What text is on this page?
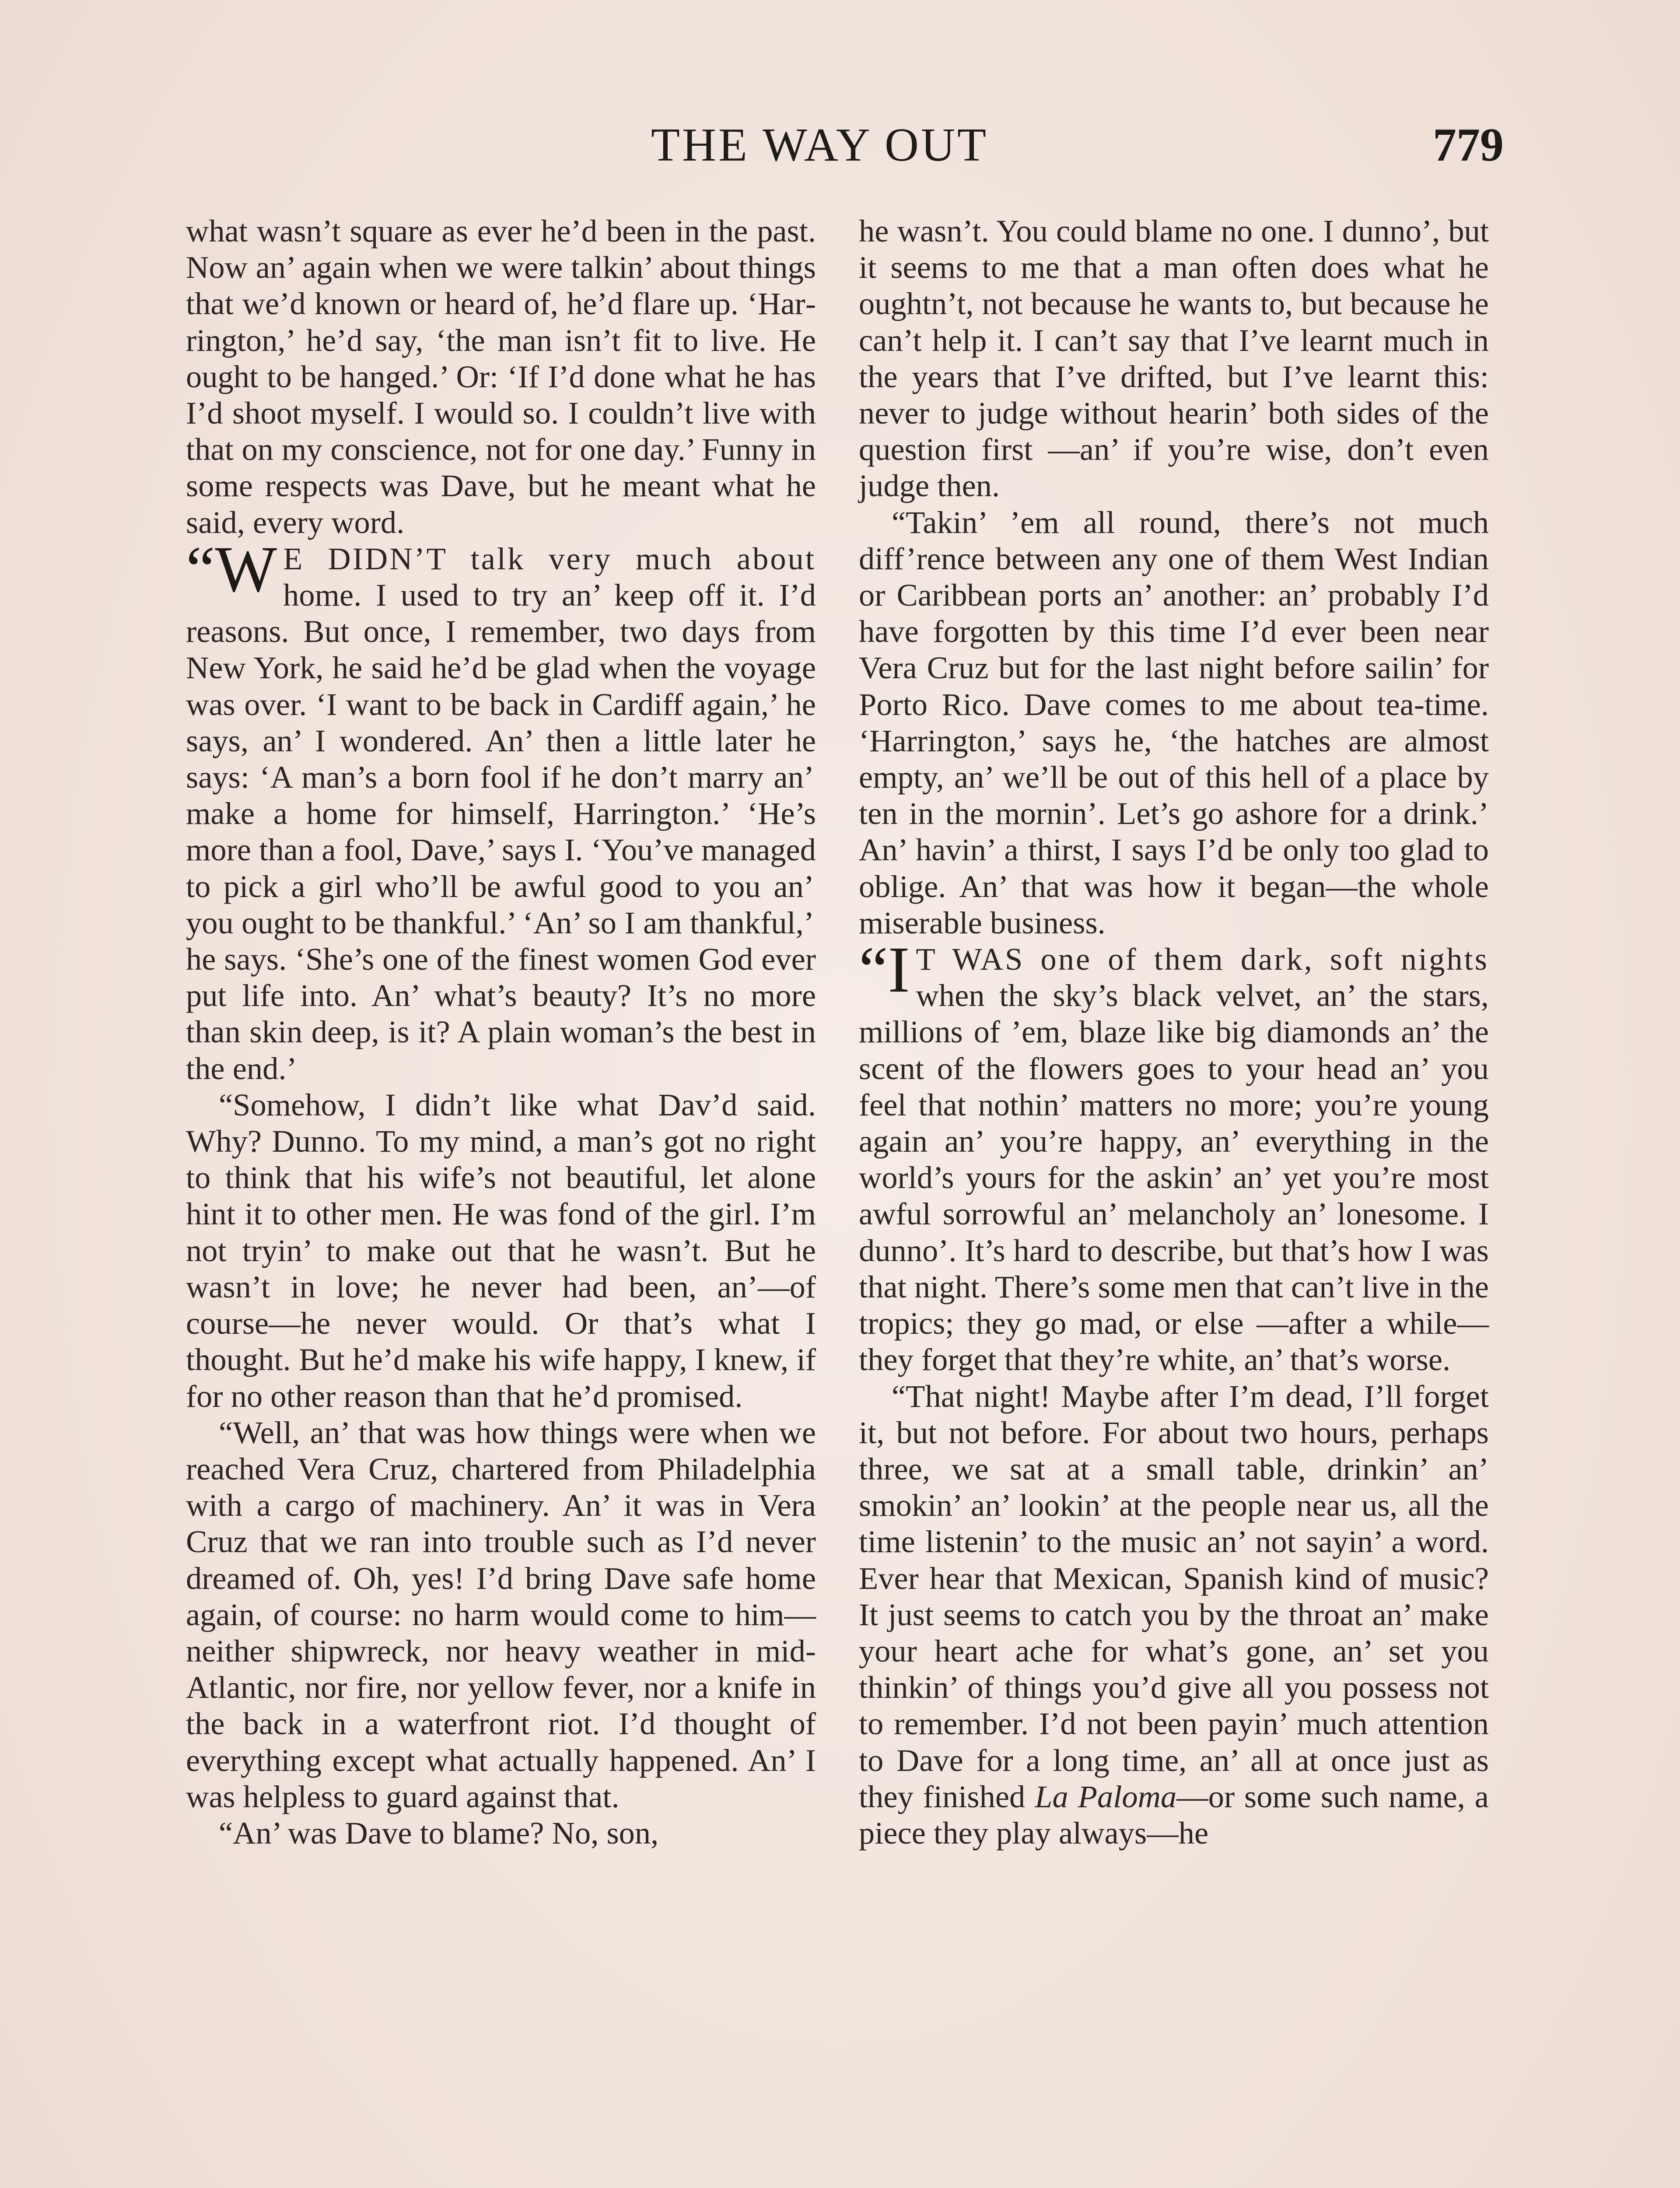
THE WAY OUT	779

what wasn’t square as ever he’d been in the past. Now an’ again when we were talkin’ about things that we’d known or heard of, he’d flare up. ‘Harrington,’ he’d say, ‘the man isn’t fit to live. He ought to be hanged.’ Or: ‘If I’d done what he has I’d shoot myself. I would so. I couldn’t live with that on my conscience, not for one day.’ Funny in some respects was Dave, but he meant what he said, every word.

“W E DIDN’T talk very much about home. I used to try an’ keep off it. I’d reasons. But once, I remember, two days from New York, he said he’d be glad when the voyage was over. ‘I want to be back in Cardiff again,’ he says, an’ I wondered. An’ then a little later he says: ‘A man’s a born fool if he don’t marry an’ make a home for himself, Harrington.’ ‘He’s more than a fool, Dave,’ says I. ‘You’ve managed to pick a girl who’ll be awful good to you an’ you ought to be thankful.’ ‘An’ so I am thankful,’ he says. ‘She’s one of the finest women God ever put life into. An’ what’s beauty? It’s no more than skin deep, is it? A plain woman’s the best in the end.’

“Somehow, I didn’t like what Dav’d said. Why? Dunno. To my mind, a man’s got no right to think that his wife’s not beautiful, let alone hint it to other men. He was fond of the girl. I’m not tryin’ to make out that he wasn’t. But he wasn’t in love; he never had been, an’—of course—he never would. Or that’s what I thought. But he’d make his wife happy, I knew, if for no other reason than that he’d promised.

“Well, an’ that was how things were when we reached Vera Cruz, chartered from Philadelphia with a cargo of machinery. An’ it was in Vera Cruz that we ran into trouble such as I’d never dreamed of. Oh, yes! I’d bring Dave safe home again, of course: no harm would come to him—neither shipwreck, nor heavy weather in mid-Atlantic, nor fire, nor yellow fever, nor a knife in the back in a waterfront riot. I’d thought of everything except what actually happened. An’ I was helpless to guard against that.

“An’ was Dave to blame? No, son,

he wasn’t. You could blame no one. I dunno’, but it seems to me that a man often does what he oughtn’t, not because he wants to, but because he can’t help it. I can’t say that I’ve learnt much in the years that I’ve drifted, but I’ve learnt this: never to judge without hearin’ both sides of the question first —an’ if you’re wise, don’t even judge then.

“Takin’ ’em all round, there’s not much diff’rence between any one of them West Indian or Caribbean ports an’ another: an’ probably I’d have forgotten by this time I’d ever been near Vera Cruz but for the last night before sailin’ for Porto Rico. Dave comes to me about tea-time. ‘Harrington,’ says he, ‘the hatches are almost empty, an’ we’ll be out of this hell of a place by ten in the mornin’. Let’s go ashore for a drink.’ An’ havin’ a thirst, I says I’d be only too glad to oblige. An’ that was how it began—the whole miserable business.

“I T WAS one of them dark, soft nights when the sky’s black velvet, an’ the stars, millions of ’em, blaze like big diamonds an’ the scent of the flowers goes to your head an’ you feel that nothin’ matters no more; you’re young again an’ you’re happy, an’ everything in the world’s yours for the askin’ an’ yet you’re most awful sorrowful an’ melancholy an’ lonesome. I dunno’. It’s hard to describe, but that’s how I was that night. There’s some men that can’t live in the tropics; they go mad, or else —after a while—they forget that they’re white, an’ that’s worse.

“That night! Maybe after I’m dead, I’ll forget it, but not before. For about two hours, perhaps three, we sat at a small table, drinkin’ an’ smokin’ an’ lookin’ at the people near us, all the time listenin’ to the music an’ not sayin’ a word. Ever hear that Mexican, Spanish kind of music? It just seems to catch you by the throat an’ make your heart ache for what’s gone, an’ set you thinkin’ of things you’d give all you possess not to remember. I’d not been payin’ much attention to Dave for a long time, an’ all at once just as they finished La Paloma—or some such name, a piece they play always—he
